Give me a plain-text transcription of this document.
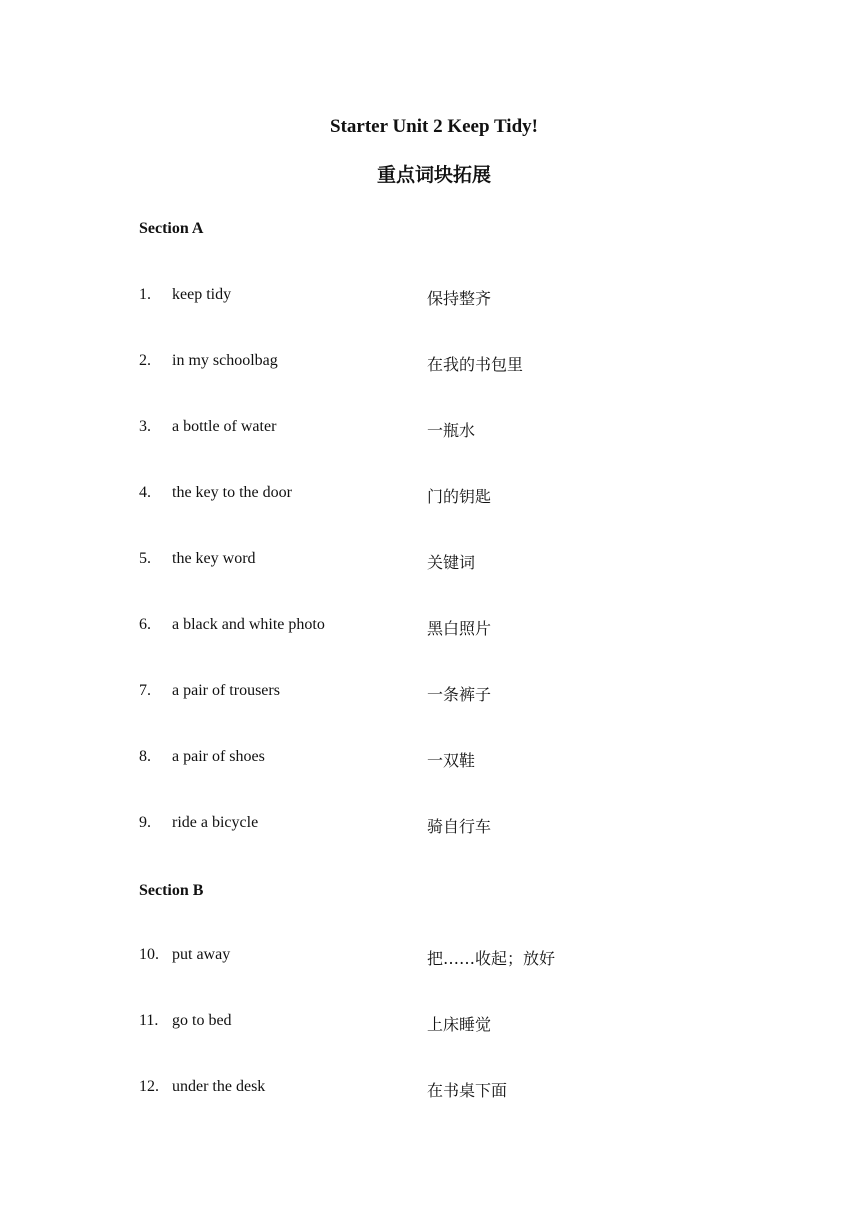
Starter Unit 2 Keep Tidy!
重点词块拓展
Section A
1. keep tidy	保持整齐
2. in my schoolbag	在我的书包里
3. a bottle of water	一瓶水
4. the key to the door	门的钥匙
5. the key word	关键词
6. a black and white photo	黑白照片
7. a pair of trousers	一条裤子
8. a pair of shoes	一双鞋
9. ride a bicycle	骑自行车
Section B
10. put away	把……收起；放好
11. go to bed	上床睡觉
12. under the desk	在书桌下面
